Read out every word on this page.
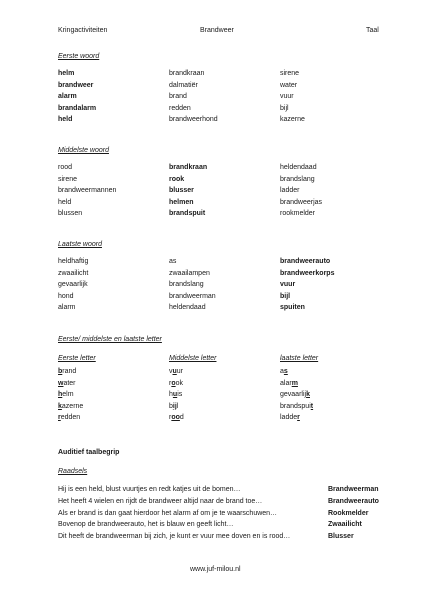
Kringactiviteiten	Brandweer	Taal
Eerste woord
helm	brandkraan	sirene
brandweer	dalmatiër	water
alarm	brand	vuur
brandalarm	redden	bijl
held	brandweerhond	kazerne
Middelste woord
rood	brandkraan	heldendaad
sirene	rook	brandslang
brandweermannen	blusser	ladder
held	helmen	brandweerjas
blussen	brandspuit	rookmelder
Laatste woord
heldhaftig	as	brandweerauto
zwaailicht	zwaailampen	brandweerkorps
gevaarlijk	brandslang	vuur
hond	brandweerman	bijl
alarm	heldendaad	spuiten
Eerste/ middelste en laatste letter
Eerste letter	Middelste letter	laatste letter
brand	vuur	as
water	rook	alarm
helm	huis	gevaarlijk
kazerne	bijl	brandspuit
redden	rood	ladder
Auditief taalbegrip
Raadsels
Hij is een held, blust vuurtjes en redt katjes uit de bomen…	Brandweerman
Het heeft 4 wielen en rijdt de brandweer altijd naar de brand toe…	Brandweerauto
Als er brand is dan gaat hierdoor het alarm af om je te waarschuwen…	Rookmelder
Bovenop de brandweerauto, het is blauw en geeft licht…	Zwaailicht
Dit heeft de brandweerman bij zich, je kunt er vuur mee doven en is rood…	Blusser
www.juf-milou.nl
